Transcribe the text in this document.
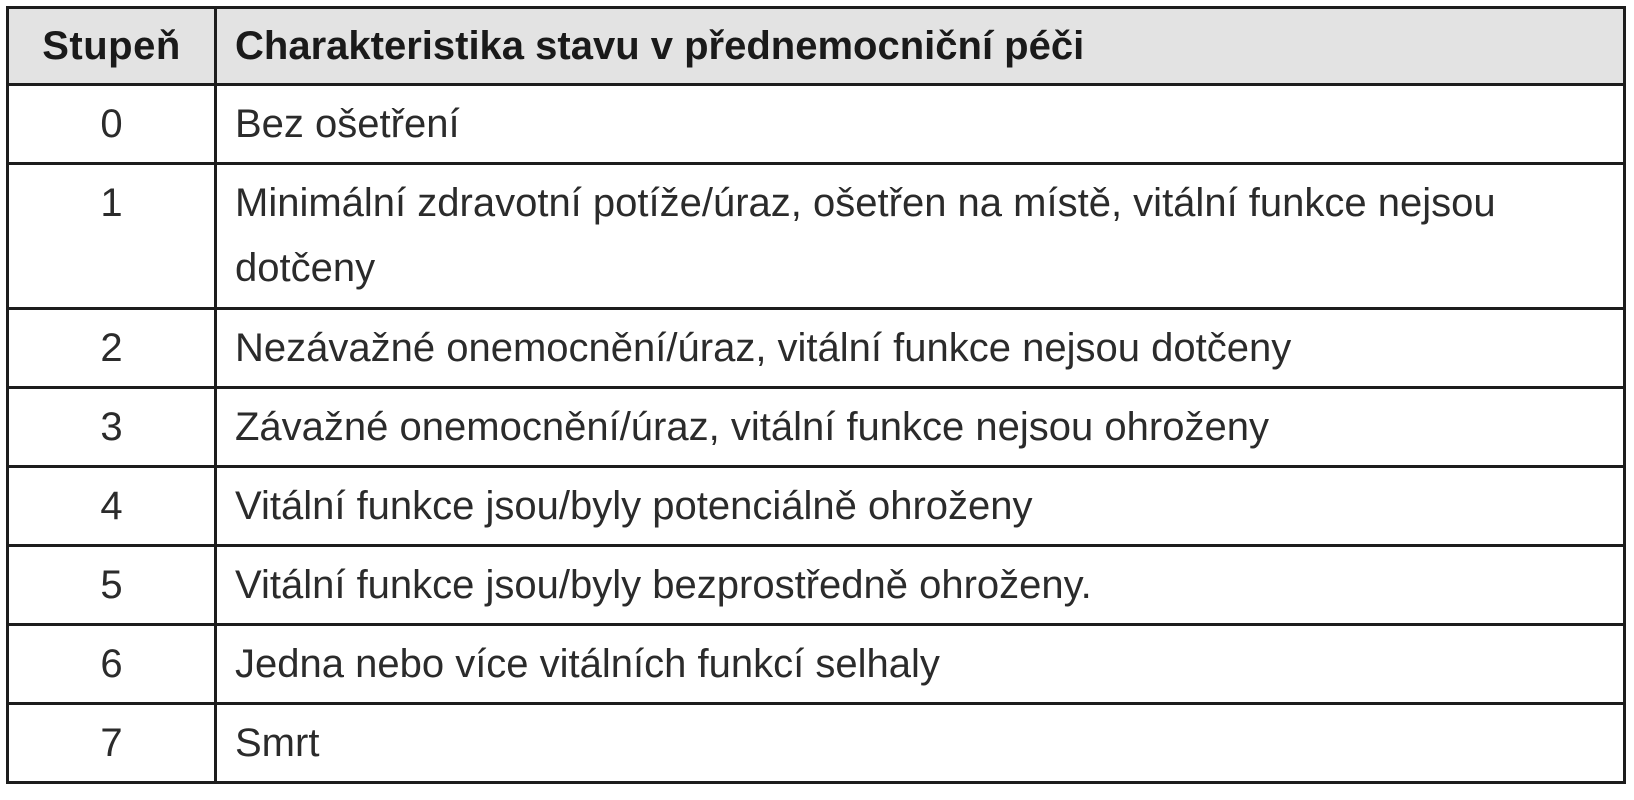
Stupeň	Charakteristika stavu v přednemocniční péči
0	Bez ošetření
1	Minimální zdravotní potíže/úraz, ošetřen na místě, vitální funkce nejsou dotčeny
2	Nezávažné onemocnění/úraz, vitální funkce nejsou dotčeny
3	Závažné onemocnění/úraz, vitální funkce nejsou ohroženy
4	Vitální funkce jsou/byly potenciálně ohroženy
5	Vitální funkce jsou/byly bezprostředně ohroženy.
6	Jedna nebo více vitálních funkcí selhaly
7	Smrt
